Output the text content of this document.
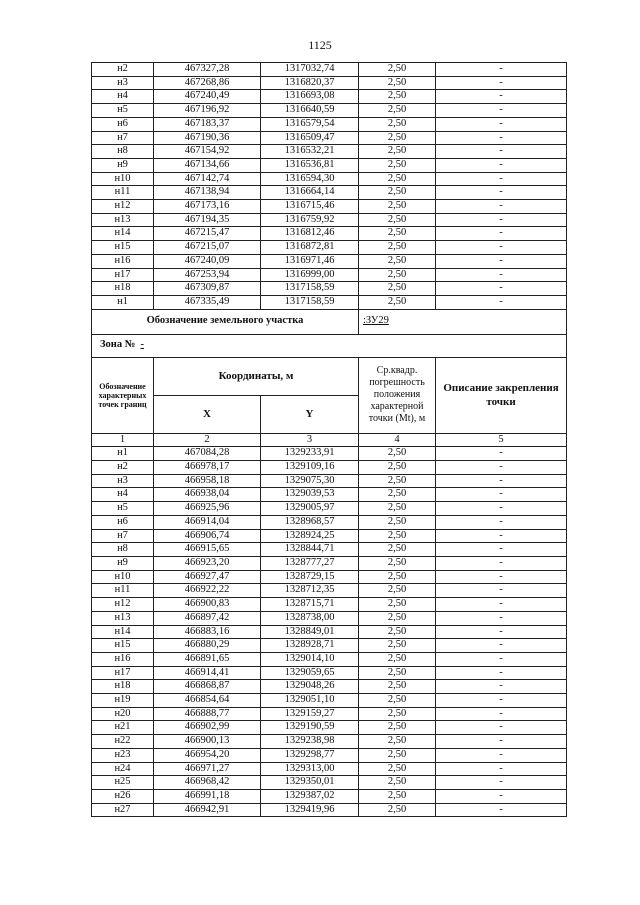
1125
н2	467327,28	1317032,74	2,50	-
н3	467268,86	1316820,37	2,50	-
н4	467240,49	1316693,08	2,50	-
н5	467196,92	1316640,59	2,50	-
н6	467183,37	1316579,54	2,50	-
н7	467190,36	1316509,47	2,50	-
н8	467154,92	1316532,21	2,50	-
н9	467134,66	1316536,81	2,50	-
н10	467142,74	1316594,30	2,50	-
н11	467138,94	1316664,14	2,50	-
н12	467173,16	1316715,46	2,50	-
н13	467194,35	1316759,92	2,50	-
н14	467215,47	1316812,46	2,50	-
н15	467215,07	1316872,81	2,50	-
н16	467240,09	1316971,46	2,50	-
н17	467253,94	1316999,00	2,50	-
н18	467309,87	1317158,59	2,50	-
н1	467335,49	1317158,59	2,50	-
Обозначение земельного участка			:ЗУ29	
Зона № -				
Обозначение характерных точек границ	Координаты, м		Ср.квадр. погрешность положения характерной точки (Мt), м	Описание закрепления точки
	X	Y		
1	2	3	4	5
н1	467084,28	1329233,91	2,50	-
н2	466978,17	1329109,16	2,50	-
н3	466958,18	1329075,30	2,50	-
н4	466938,04	1329039,53	2,50	-
н5	466925,96	1329005,97	2,50	-
н6	466914,04	1328968,57	2,50	-
н7	466906,74	1328924,25	2,50	-
н8	466915,65	1328844,71	2,50	-
н9	466923,20	1328777,27	2,50	-
н10	466927,47	1328729,15	2,50	-
н11	466922,22	1328712,35	2,50	-
н12	466900,83	1328715,71	2,50	-
н13	466897,42	1328738,00	2,50	-
н14	466883,16	1328849,01	2,50	-
н15	466880,29	1328928,71	2,50	-
н16	466891,65	1329014,10	2,50	-
н17	466914,41	1329059,65	2,50	-
н18	466868,87	1329048,26	2,50	-
н19	466854,64	1329051,10	2,50	-
н20	466888,77	1329159,27	2,50	-
н21	466902,99	1329190,59	2,50	-
н22	466900,13	1329238,98	2,50	-
н23	466954,20	1329298,77	2,50	-
н24	466971,27	1329313,00	2,50	-
н25	466968,42	1329350,01	2,50	-
н26	466991,18	1329387,02	2,50	-
н27	466942,91	1329419,96	2,50	-
